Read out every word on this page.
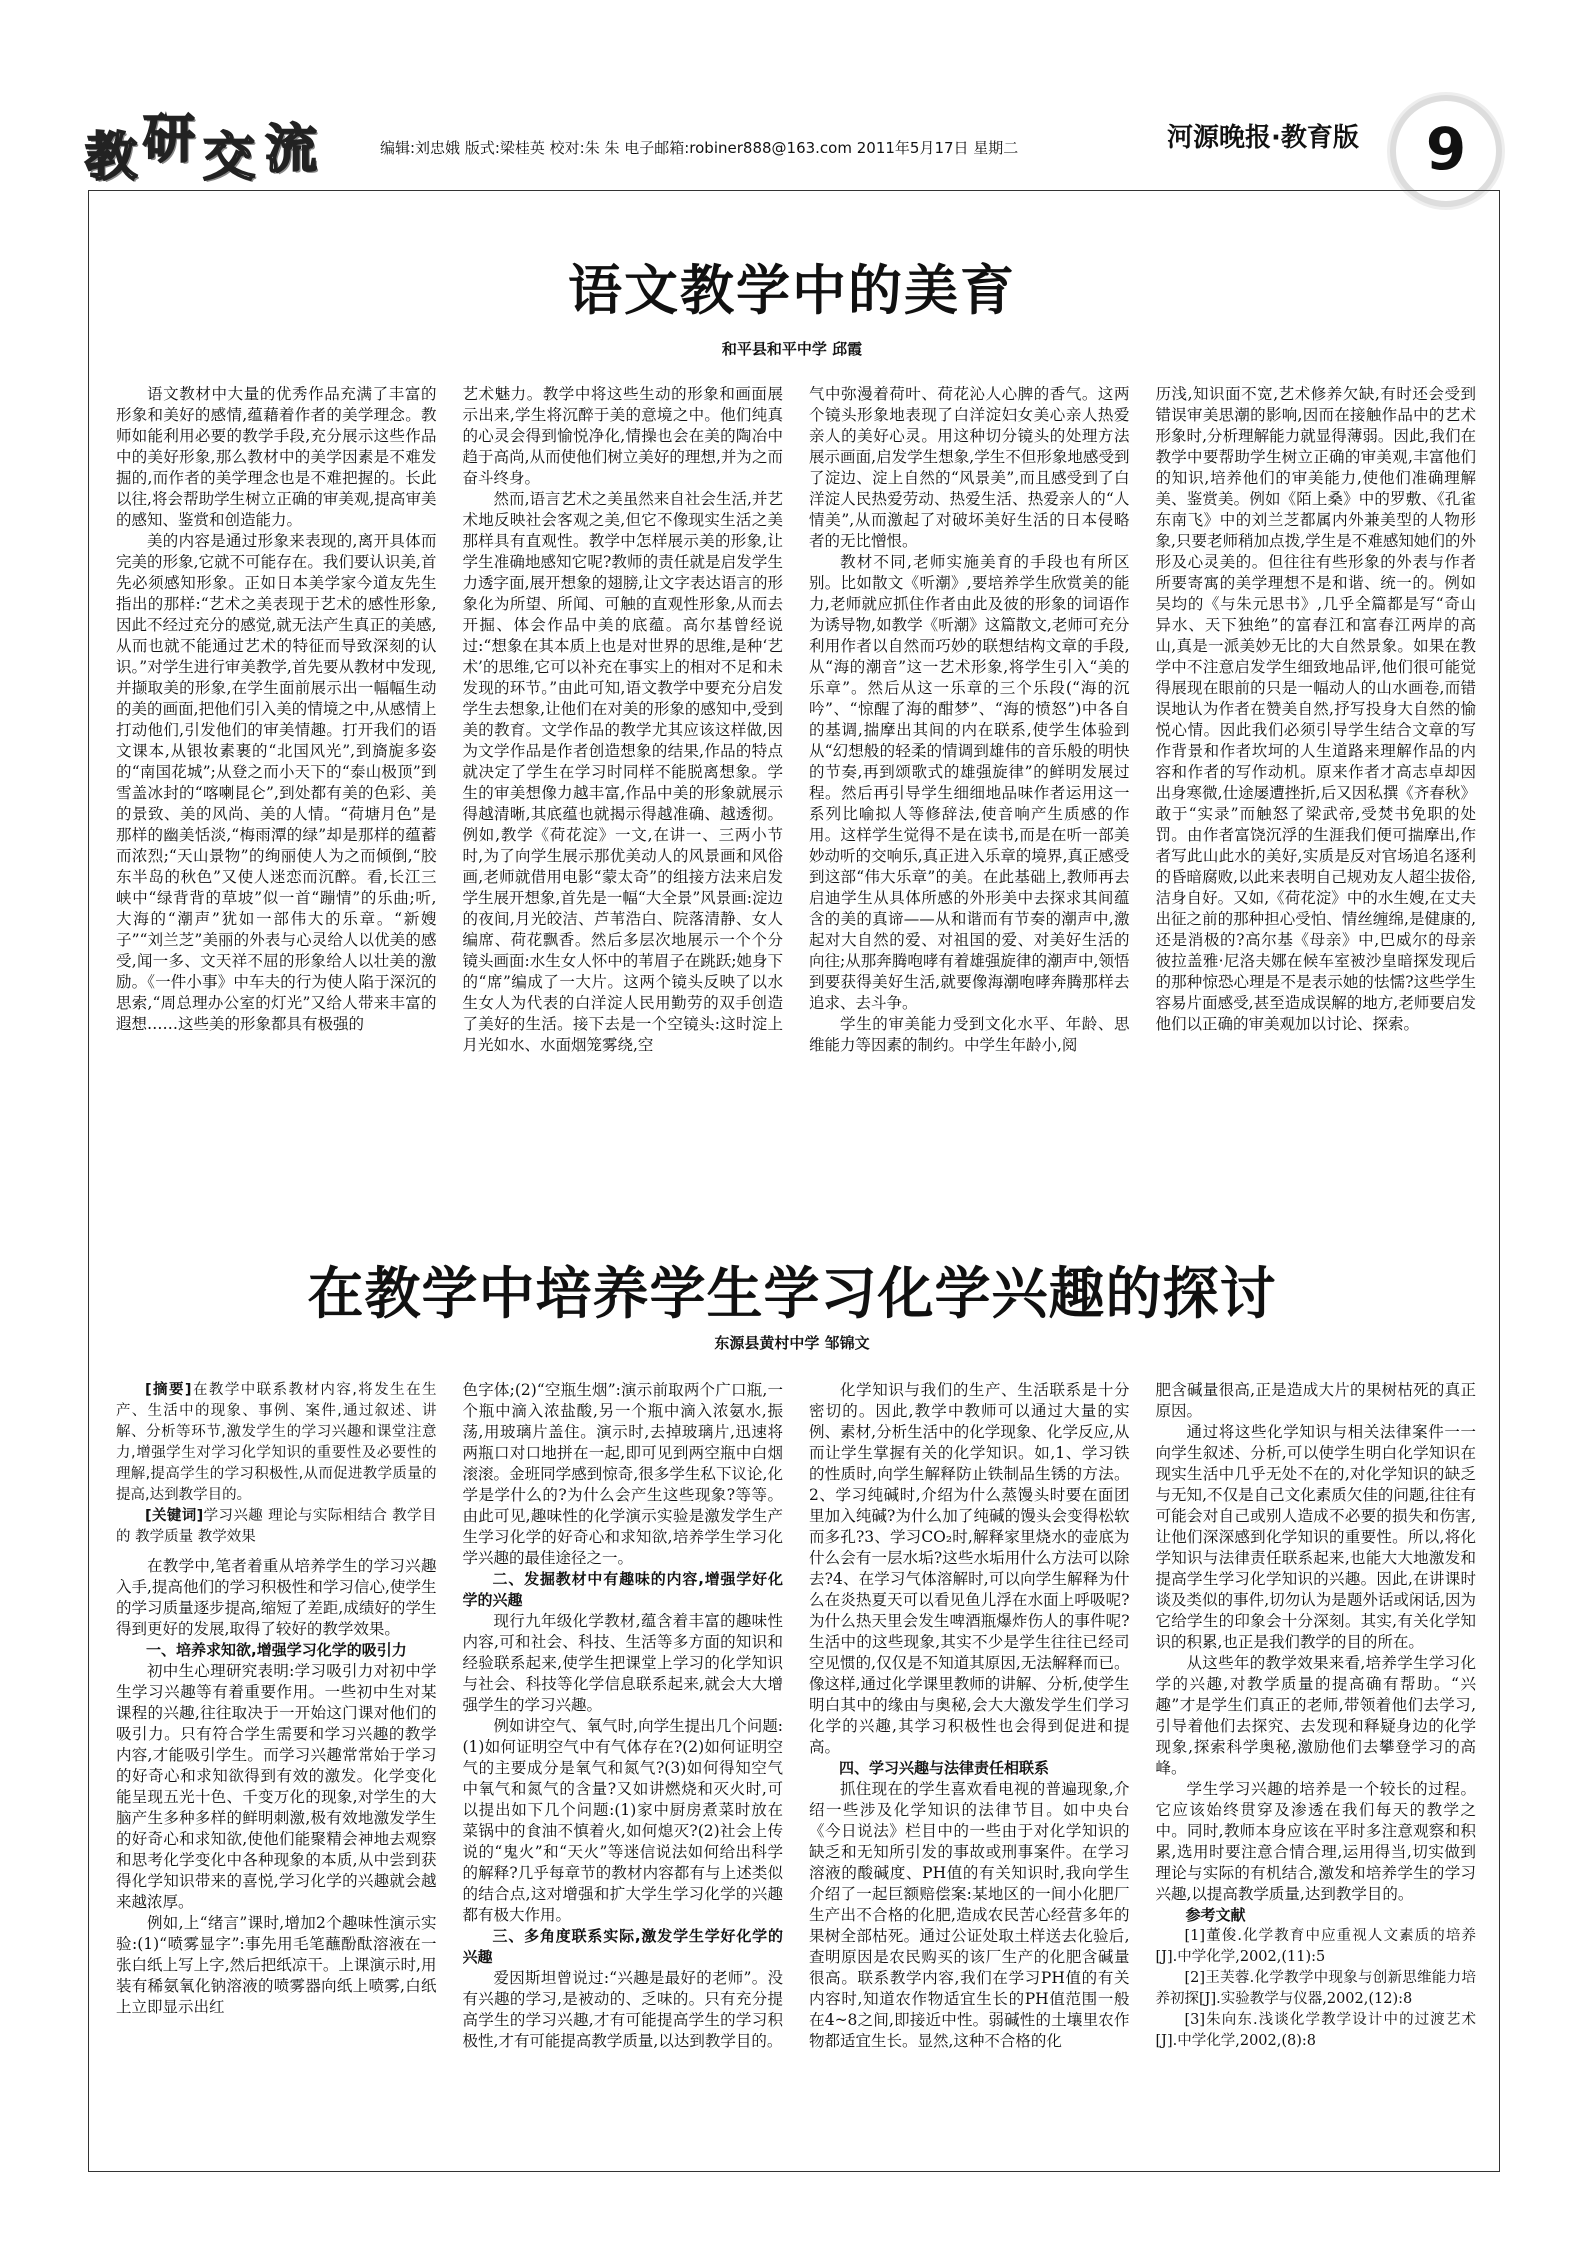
教 研 交 流	编辑:刘忠娥 版式:梁桂英 校对:朱 朱 电子邮箱:robiner888@163.com 2011年5月17日 星期二	河源晚报·教育版	9
语文教学中的美育
和平县和平中学 邱霞

语文教材中大量的优秀作品充满了丰富的形象和美好的感情,蕴藉着作者的美学理念。教师如能利用必要的教学手段,充分展示这些作品中的美好形象,那么教材中的美学因素是不难发掘的,而作者的美学理念也是不难把握的。长此以往,将会帮助学生树立正确的审美观,提高审美的感知、鉴赏和创造能力。

美的内容是通过形象来表现的,离开具体而完美的形象,它就不可能存在。我们要认识美,首先必须感知形象。正如日本美学家今道友先生指出的那样:“艺术之美表现于艺术的感性形象,因此不经过充分的感觉,就无法产生真正的美感,从而也就不能通过艺术的特征而导致深刻的认识。”对学生进行审美教学,首先要从教材中发现,并撷取美的形象,在学生面前展示出一幅幅生动的美的画面,把他们引入美的情境之中,从感情上打动他们,引发他们的审美情趣。打开我们的语文课本,从银妆素裹的“北国风光”,到旖旎多姿的“南国花城”;从登之而小天下的“泰山极顶”到雪盖冰封的“喀喇昆仑”,到处都有美的色彩、美的景致、美的风尚、美的人情。“荷塘月色”是那样的幽美恬淡,“梅雨潭的绿”却是那样的蕴蓄而浓烈;“天山景物”的绚丽使人为之而倾倒,“胶东半岛的秋色”又使人迷恋而沉醉。看,长江三峡中“绿背背的草坡”似一首“蹦情”的乐曲;听,大海的“潮声”犹如一部伟大的乐章。“新嫂子”“刘兰芝”美丽的外表与心灵给人以优美的感受,闻一多、文天祥不屈的形象给人以壮美的激励。《一件小事》中车夫的行为使人陷于深沉的思索,“周总理办公室的灯光”又给人带来丰富的遐想……这些美的形象都具有极强的

艺术魅力。教学中将这些生动的形象和画面展示出来,学生将沉醉于美的意境之中。他们纯真的心灵会得到愉悦净化,情操也会在美的陶冶中趋于高尚,从而使他们树立美好的理想,并为之而奋斗终身。

然而,语言艺术之美虽然来自社会生活,并艺术地反映社会客观之美,但它不像现实生活之美那样具有直观性。教学中怎样展示美的形象,让学生准确地感知它呢?教师的责任就是启发学生力透字面,展开想象的翅膀,让文字表达语言的形象化为所望、所闻、可触的直观性形象,从而去开掘、体会作品中美的底蕴。高尔基曾经说过:“想象在其本质上也是对世界的思维,是种‘艺术’的思维,它可以补充在事实上的相对不足和未发现的环节。”由此可知,语文教学中要充分启发学生去想象,让他们在对美的形象的感知中,受到美的教育。文学作品的教学尤其应该这样做,因为文学作品是作者创造想象的结果,作品的特点就决定了学生在学习时同样不能脱离想象。学生的审美想像力越丰富,作品中美的形象就展示得越清晰,其底蕴也就揭示得越准确、越透彻。例如,教学《荷花淀》一文,在讲一、三两小节时,为了向学生展示那优美动人的风景画和风俗画,老师就借用电影“蒙太奇”的组接方法来启发学生展开想象,首先是一幅“大全景”风景画:淀边的夜间,月光皎洁、芦苇浩白、院落清静、女人编席、荷花飘香。然后多层次地展示一个个分镜头画面:水生女人怀中的苇眉子在跳跃;她身下的“席”编成了一大片。这两个镜头反映了以水生女人为代表的白洋淀人民用勤劳的双手创造了美好的生活。接下去是一个空镜头:这时淀上月光如水、水面烟笼雾绕,空

气中弥漫着荷叶、荷花沁人心脾的香气。这两个镜头形象地表现了白洋淀妇女美心亲人热爱亲人的美好心灵。用这种切分镜头的处理方法展示画面,启发学生想象,学生不但形象地感受到了淀边、淀上自然的“风景美”,而且感受到了白洋淀人民热爱劳动、热爱生活、热爱亲人的“人情美”,从而激起了对破坏美好生活的日本侵略者的无比憎恨。

教材不同,老师实施美育的手段也有所区别。比如散文《听潮》,要培养学生欣赏美的能力,老师就应抓住作者由此及彼的形象的词语作为诱导物,如教学《听潮》这篇散文,老师可充分利用作者以自然而巧妙的联想结构文章的手段,从“海的潮音”这一艺术形象,将学生引入“美的乐章”。然后从这一乐章的三个乐段(“海的沉吟”、“惊醒了海的酣梦”、“海的愤怒”)中各自的基调,揣摩出其间的内在联系,使学生体验到从“幻想般的轻柔的情调到雄伟的音乐般的明快的节奏,再到颂歌式的雄强旋律”的鲜明发展过程。然后再引导学生细细地品味作者运用这一系列比喻拟人等修辞法,使音响产生质感的作用。这样学生觉得不是在读书,而是在听一部美妙动听的交响乐,真正进入乐章的境界,真正感受到这部“伟大乐章”的美。在此基础上,教师再去启迪学生从具体所感的外形美中去探求其间蕴含的美的真谛——从和谐而有节奏的潮声中,激起对大自然的爱、对祖国的爱、对美好生活的向往;从那奔腾咆哮有着雄强旋律的潮声中,领悟到要获得美好生活,就要像海潮咆哮奔腾那样去追求、去斗争。

学生的审美能力受到文化水平、年龄、思维能力等因素的制约。中学生年龄小,阅

历浅,知识面不宽,艺术修养欠缺,有时还会受到错误审美思潮的影响,因而在接触作品中的艺术形象时,分析理解能力就显得薄弱。因此,我们在教学中要帮助学生树立正确的审美观,丰富他们的知识,培养他们的审美能力,使他们准确理解美、鉴赏美。例如《陌上桑》中的罗敷、《孔雀东南飞》中的刘兰芝都属内外兼美型的人物形象,只要老师稍加点拨,学生是不难感知她们的外形及心灵美的。但往往有些形象的外表与作者所要寄寓的美学理想不是和谐、统一的。例如吴均的《与朱元思书》,几乎全篇都是写“奇山异水、天下独绝”的富春江和富春江两岸的高山,真是一派美妙无比的大自然景象。如果在教学中不注意启发学生细致地品评,他们很可能觉得展现在眼前的只是一幅动人的山水画卷,而错误地认为作者在赞美自然,抒写投身大自然的愉悦心情。因此我们必须引导学生结合文章的写作背景和作者坎坷的人生道路来理解作品的内容和作者的写作动机。原来作者才高志卓却因出身寒微,仕途屡遭挫折,后又因私撰《齐春秋》敢于“实录”而触怒了梁武帝,受焚书免职的处罚。由作者富饶沉浮的生涯我们便可揣摩出,作者写此山此水的美好,实质是反对官场追名逐利的昏暗腐败,以此来表明自己规劝友人超尘拔俗,洁身自好。又如,《荷花淀》中的水生嫂,在丈夫出征之前的那种担心受怕、情丝缠绵,是健康的,还是消极的?高尔基《母亲》中,巴威尔的母亲彼拉盖雅·尼洛夫娜在候车室被沙皇暗探发现后的那种惊恐心理是不是表示她的怯懦?这些学生容易片面感受,甚至造成误解的地方,老师要启发他们以正确的审美观加以讨论、探索。

在教学中培养学生学习化学兴趣的探讨
东源县黄村中学 邹锦文

[摘要]在教学中联系教材内容,将发生在生产、生活中的现象、事例、案件,通过叙述、讲解、分析等环节,激发学生的学习兴趣和课堂注意力,增强学生对学习化学知识的重要性及必要性的理解,提高学生的学习积极性,从而促进教学质量的提高,达到教学目的。

[关键词]学习兴趣 理论与实际相结合 教学目的 教学质量 教学效果

在教学中,笔者着重从培养学生的学习兴趣入手,提高他们的学习积极性和学习信心,使学生的学习质量逐步提高,缩短了差距,成绩好的学生得到更好的发展,取得了较好的教学效果。

一、培养求知欲,增强学习化学的吸引力

初中生心理研究表明:学习吸引力对初中学生学习兴趣等有着重要作用。一些初中生对某课程的兴趣,往往取决于一开始这门课对他们的吸引力。只有符合学生需要和学习兴趣的教学内容,才能吸引学生。而学习兴趣常常始于学习的好奇心和求知欲得到有效的激发。化学变化能呈现五光十色、千变万化的现象,对学生的大脑产生多种多样的鲜明刺激,极有效地激发学生的好奇心和求知欲,使他们能聚精会神地去观察和思考化学变化中各种现象的本质,从中尝到获得化学知识带来的喜悦,学习化学的兴趣就会越来越浓厚。

例如,上“绪言”课时,增加2个趣味性演示实验:(1)“喷雾显字”:事先用毛笔蘸酚酞溶液在一张白纸上写上字,然后把纸凉干。上课演示时,用装有稀氨氧化钠溶液的喷雾器向纸上喷雾,白纸上立即显示出红

色字体;(2)“空瓶生烟”:演示前取两个广口瓶,一个瓶中滴入浓盐酸,另一个瓶中滴入浓氨水,振荡,用玻璃片盖住。演示时,去掉玻璃片,迅速将两瓶口对口地拼在一起,即可见到两空瓶中白烟滚滚。金班同学感到惊奇,很多学生私下议论,化学是学什么的?为什么会产生这些现象?等等。由此可见,趣味性的化学演示实验是激发学生产生学习化学的好奇心和求知欲,培养学生学习化学兴趣的最佳途径之一。

二、发掘教材中有趣味的内容,增强学好化学的兴趣

现行九年级化学教材,蕴含着丰富的趣味性内容,可和社会、科技、生活等多方面的知识和经验联系起来,使学生把课堂上学习的化学知识与社会、科技等化学信息联系起来,就会大大增强学生的学习兴趣。

例如讲空气、氧气时,向学生提出几个问题:(1)如何证明空气中有气体存在?(2)如何证明空气的主要成分是氧气和氮气?(3)如何得知空气中氧气和氮气的含量?又如讲燃烧和灭火时,可以提出如下几个问题:(1)家中厨房煮菜时放在菜锅中的食油不慎着火,如何熄灭?(2)社会上传说的“鬼火”和“天火”等迷信说法如何给出科学的解释?几乎每章节的教材内容都有与上述类似的结合点,这对增强和扩大学生学习化学的兴趣都有极大作用。

三、多角度联系实际,激发学生学好化学的兴趣

爱因斯坦曾说过:“兴趣是最好的老师”。没有兴趣的学习,是被动的、乏味的。只有充分提高学生的学习兴趣,才有可能提高学生的学习积极性,才有可能提高教学质量,以达到教学目的。

化学知识与我们的生产、生活联系是十分密切的。因此,教学中教师可以通过大量的实例、素材,分析生活中的化学现象、化学反应,从而让学生掌握有关的化学知识。如,1、学习铁的性质时,向学生解释防止铁制品生锈的方法。2、学习纯碱时,介绍为什么蒸馒头时要在面团里加入纯碱?为什么加了纯碱的馒头会变得松软而多孔?3、学习CO₂时,解释家里烧水的壶底为什么会有一层水垢?这些水垢用什么方法可以除去?4、在学习气体溶解时,可以向学生解释为什么在炎热夏天可以看见鱼儿浮在水面上呼吸呢?为什么热天里会发生啤酒瓶爆炸伤人的事件呢?生活中的这些现象,其实不少是学生往往已经司空见惯的,仅仅是不知道其原因,无法解释而已。像这样,通过化学课里教师的讲解、分析,使学生明白其中的缘由与奥秘,会大大激发学生们学习化学的兴趣,其学习积极性也会得到促进和提高。

四、学习兴趣与法律责任相联系

抓住现在的学生喜欢看电视的普遍现象,介绍一些涉及化学知识的法律节目。如中央台《今日说法》栏目中的一些由于对化学知识的缺乏和无知所引发的事故或刑事案件。在学习溶液的酸碱度、PH值的有关知识时,我向学生介绍了一起巨额赔偿案:某地区的一间小化肥厂生产出不合格的化肥,造成农民苦心经营多年的果树全部枯死。通过公证处取土样送去化验后,查明原因是农民购买的该厂生产的化肥含碱量很高。联系教学内容,我们在学习PH值的有关内容时,知道农作物适宜生长的PH值范围一般在4~8之间,即接近中性。弱碱性的土壤里农作物都适宜生长。显然,这种不合格的化

肥含碱量很高,正是造成大片的果树枯死的真正原因。

通过将这些化学知识与相关法律案件一一向学生叙述、分析,可以使学生明白化学知识在现实生活中几乎无处不在的,对化学知识的缺乏与无知,不仅是自己文化素质欠佳的问题,往往有可能会对自己或别人造成不必要的损失和伤害,让他们深深感到化学知识的重要性。所以,将化学知识与法律责任联系起来,也能大大地激发和提高学生学习化学知识的兴趣。因此,在讲课时谈及类似的事件,切勿认为是题外话或闲话,因为它给学生的印象会十分深刻。其实,有关化学知识的积累,也正是我们教学的目的所在。

从这些年的教学效果来看,培养学生学习化学的兴趣,对教学质量的提高确有帮助。“兴趣”才是学生们真正的老师,带领着他们去学习,引导着他们去探究、去发现和释疑身边的化学现象,探索科学奥秘,激励他们去攀登学习的高峰。

学生学习兴趣的培养是一个较长的过程。它应该始终贯穿及渗透在我们每天的教学之中。同时,教师本身应该在平时多注意观察和积累,选用时要注意合情合理,运用得当,切实做到理论与实际的有机结合,激发和培养学生的学习兴趣,以提高教学质量,达到教学目的。

参考文献

[1]董俊.化学教育中应重视人文素质的培养[J].中学化学,2002,(11):5

[2]王芙蓉.化学教学中现象与创新思维能力培养初探[J].实验教学与仪器,2002,(12):8

[3]朱向东.浅谈化学教学设计中的过渡艺术[J].中学化学,2002,(8):8
